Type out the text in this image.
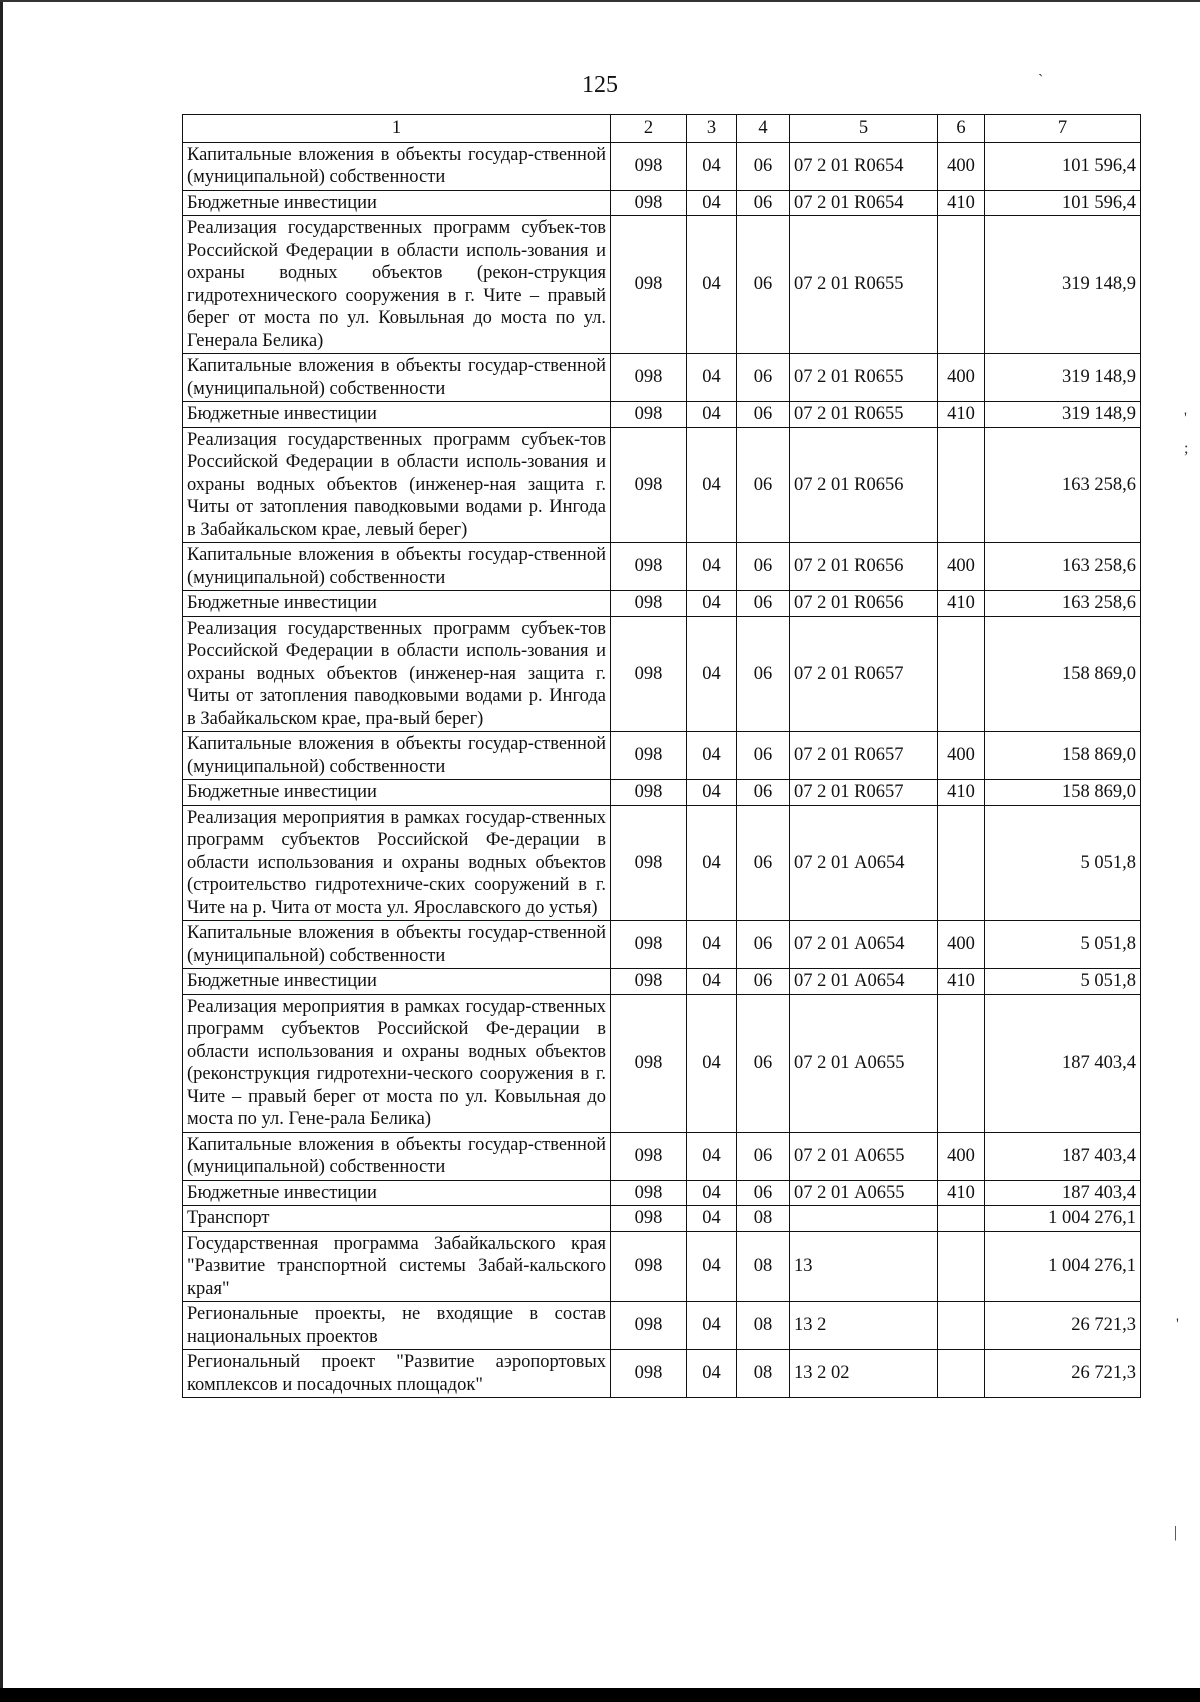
125	`
'
;
'
|
1	2	3	4	5	6	7
Капитальные вложения в объекты государ-ственной (муниципальной) собственности	098	04	06	07 2 01 R0654	400	101 596,4
Бюджетные инвестиции	098	04	06	07 2 01 R0654	410	101 596,4
Реализация государственных программ субъек-тов Российской Федерации в области исполь-зования и охраны водных объектов (рекон-струкция гидротехнического сооружения в г. Чите – правый берег от моста по ул. Ковыльная до моста по ул. Генерала Белика)	098	04	06	07 2 01 R0655		319 148,9
Капитальные вложения в объекты государ-ственной (муниципальной) собственности	098	04	06	07 2 01 R0655	400	319 148,9
Бюджетные инвестиции	098	04	06	07 2 01 R0655	410	319 148,9
Реализация государственных программ субъек-тов Российской Федерации в области исполь-зования и охраны водных объектов (инженер-ная защита г. Читы от затопления паводковыми водами р. Ингода в Забайкальском крае, левый берег)	098	04	06	07 2 01 R0656		163 258,6
Капитальные вложения в объекты государ-ственной (муниципальной) собственности	098	04	06	07 2 01 R0656	400	163 258,6
Бюджетные инвестиции	098	04	06	07 2 01 R0656	410	163 258,6
Реализация государственных программ субъек-тов Российской Федерации в области исполь-зования и охраны водных объектов (инженер-ная защита г. Читы от затопления паводковыми водами р. Ингода в Забайкальском крае, пра-вый берег)	098	04	06	07 2 01 R0657		158 869,0
Капитальные вложения в объекты государ-ственной (муниципальной) собственности	098	04	06	07 2 01 R0657	400	158 869,0
Бюджетные инвестиции	098	04	06	07 2 01 R0657	410	158 869,0
Реализация мероприятия в рамках государ-ственных программ субъектов Российской Фе-дерации в области использования и охраны водных объектов (строительство гидротехниче-ских сооружений в г. Чите на р. Чита от моста ул. Ярославского до устья)	098	04	06	07 2 01 А0654		5 051,8
Капитальные вложения в объекты государ-ственной (муниципальной) собственности	098	04	06	07 2 01 А0654	400	5 051,8
Бюджетные инвестиции	098	04	06	07 2 01 А0654	410	5 051,8
Реализация мероприятия в рамках государ-ственных программ субъектов Российской Фе-дерации в области использования и охраны водных объектов (реконструкция гидротехни-ческого сооружения в г. Чите – правый берег от моста по ул. Ковыльная до моста по ул. Гене-рала Белика)	098	04	06	07 2 01 А0655		187 403,4
Капитальные вложения в объекты государ-ственной (муниципальной) собственности	098	04	06	07 2 01 А0655	400	187 403,4
Бюджетные инвестиции	098	04	06	07 2 01 А0655	410	187 403,4
Транспорт	098	04	08			1 004 276,1
Государственная программа Забайкальского края "Развитие транспортной системы Забай-кальского края"	098	04	08	13		1 004 276,1
Региональные проекты, не входящие в состав национальных проектов	098	04	08	13 2		26 721,3
Региональный проект "Развитие аэропортовых комплексов и посадочных площадок"	098	04	08	13 2 02		26 721,3
